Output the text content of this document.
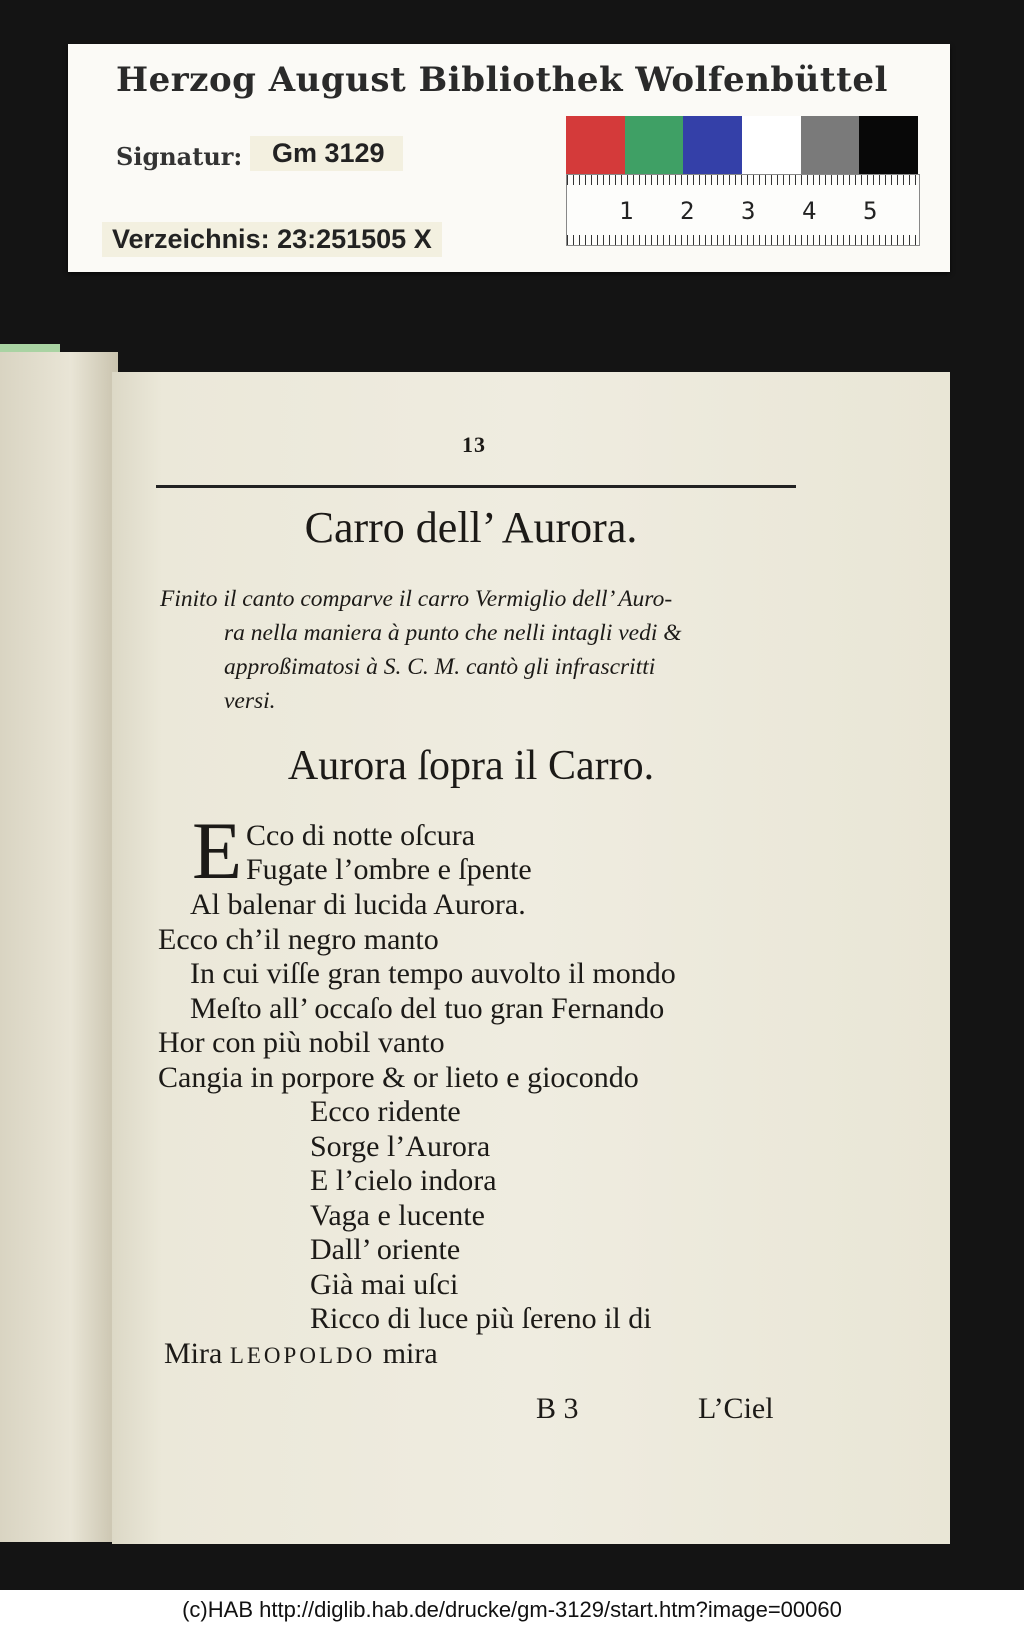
Herzog August Bibliothek Wolfenbüttel
Signatur:	Gm 3129
Verzeichnis: 23:251505 X
1 2 3 4 5
13
Carro dell’ Aurora.
Finito il canto comparve il carro Vermiglio dell’ Auro-
ra nella maniera à punto che nelli intagli vedi &
approßimatosi à S. C. M. cantò gli infrascritti
versi.
Aurora ſopra il Carro.
E Cco di notte oſcura
Fugate l’ombre e ſpente
Al balenar di lucida Aurora.
Ecco ch’il negro manto
In cui viſſe gran tempo auvolto il mondo
Meſto all’ occaſo del tuo gran Fernando
Hor con più nobil vanto
Cangia in porpore & or lieto e giocondo
Ecco ridente
Sorge l’Aurora
E l’cielo indora
Vaga e lucente
Dall’ oriente
Già mai uſci
Ricco di luce più ſereno il di
Mira LEOPOLDO mira
B 3	L’Ciel
(c)HAB http://diglib.hab.de/drucke/gm-3129/start.htm?image=00060
